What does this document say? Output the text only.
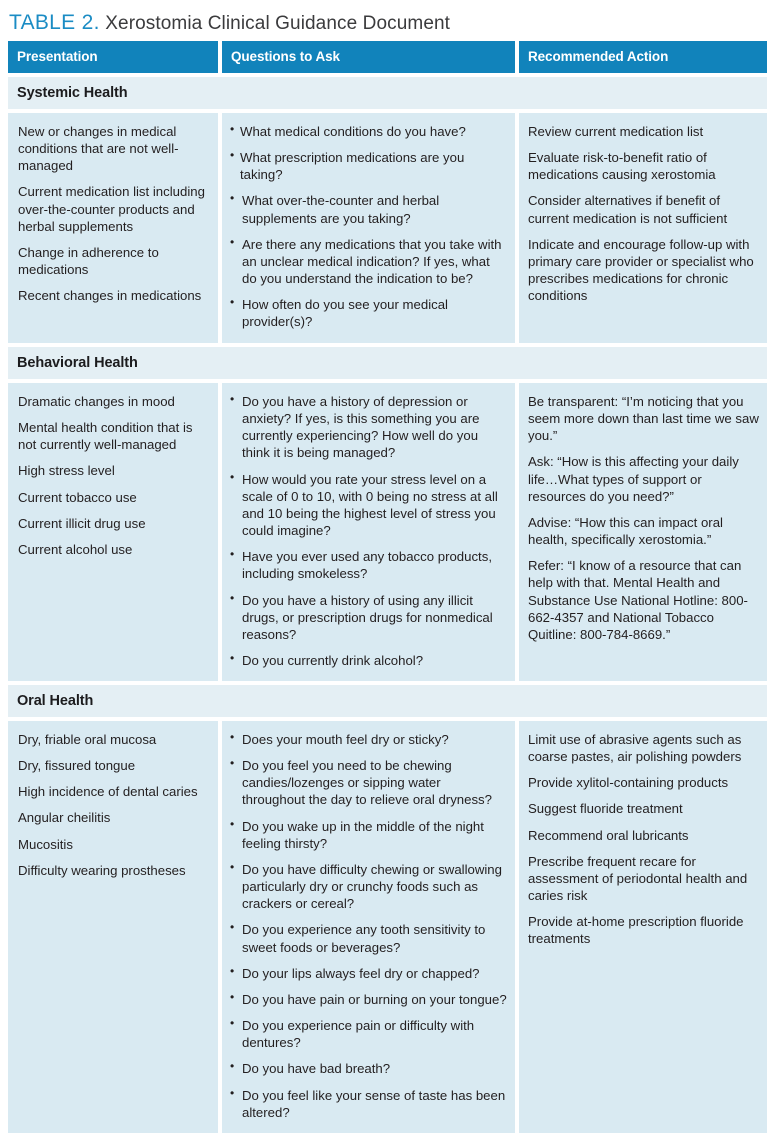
TABLE 2. Xerostomia Clinical Guidance Document
Presentation	Questions to Ask	Recommended Action
Systemic Health

New or changes in medical conditions that are not well-managed

Current medication list including over-the-counter products and herbal supplements

Change in adherence to medications

Recent changes in medications

• What medical conditions do you have?
• What prescription medications are you taking?
• What over-the-counter and herbal supplements are you taking?
• Are there any medications that you take with an unclear medical indication? If yes, what do you understand the indication to be?
• How often do you see your medical provider(s)?

Review current medication list

Evaluate risk-to-benefit ratio of medications causing xerostomia

Consider alternatives if benefit of current medication is not sufficient

Indicate and encourage follow-up with primary care provider or specialist who prescribes medications for chronic conditions

Behavioral Health

Dramatic changes in mood

Mental health condition that is not currently well-managed

High stress level

Current tobacco use

Current illicit drug use

Current alcohol use

• Do you have a history of depression or anxiety? If yes, is this something you are currently experiencing? How well do you think it is being managed?
• How would you rate your stress level on a scale of 0 to 10, with 0 being no stress at all and 10 being the highest level of stress you could imagine?
• Have you ever used any tobacco products, including smokeless?
• Do you have a history of using any illicit drugs, or prescription drugs for nonmedical reasons?
• Do you currently drink alcohol?

Be transparent: “I’m noticing that you seem more down than last time we saw you.”

Ask: “How is this affecting your daily life…What types of support or resources do you need?”

Advise: “How this can impact oral health, specifically xerostomia.”

Refer: “I know of a resource that can help with that. Mental Health and Substance Use National Hotline: 800-662-4357 and National Tobacco Quitline: 800-784-8669.”

Oral Health

Dry, friable oral mucosa

Dry, fissured tongue

High incidence of dental caries

Angular cheilitis

Mucositis

Difficulty wearing prostheses

• Does your mouth feel dry or sticky?
• Do you feel you need to be chewing candies/lozenges or sipping water throughout the day to relieve oral dryness?
• Do you wake up in the middle of the night feeling thirsty?
• Do you have difficulty chewing or swallowing particularly dry or crunchy foods such as crackers or cereal?
• Do you experience any tooth sensitivity to sweet foods or beverages?
• Do your lips always feel dry or chapped?
• Do you have pain or burning on your tongue?
• Do you experience pain or difficulty with dentures?
• Do you have bad breath?
• Do you feel like your sense of taste has been altered?

Limit use of abrasive agents such as coarse pastes, air polishing powders

Provide xylitol-containing products

Suggest fluoride treatment

Recommend oral lubricants

Prescribe frequent recare for assessment of periodontal health and caries risk

Provide at-home prescription fluoride treatments
